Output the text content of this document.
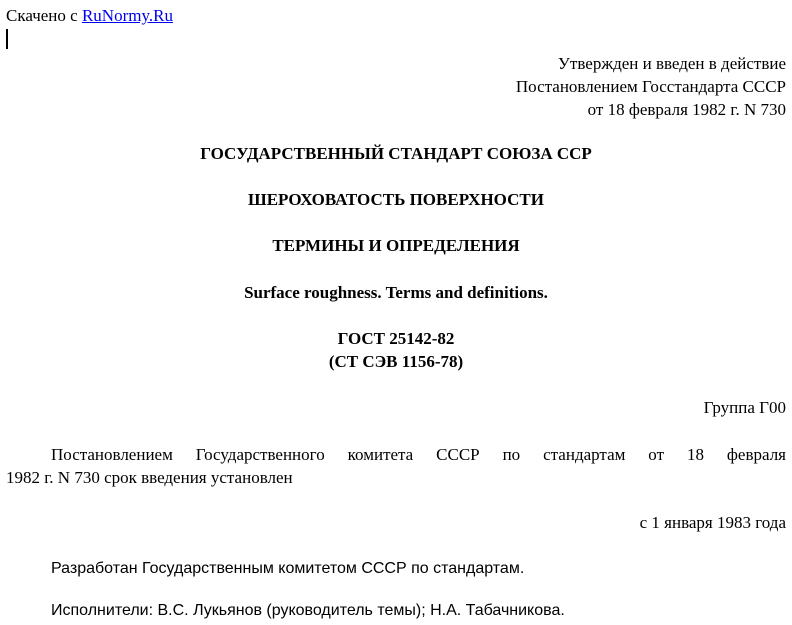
Скачено с RuNormy.Ru
Утвержден и введен в действие
Постановлением Госстандарта СССР
от 18 февраля 1982 г. N 730
ГОСУДАРСТВЕННЫЙ СТАНДАРТ СОЮЗА ССР
ШЕРОХОВАТОСТЬ ПОВЕРХНОСТИ
ТЕРМИНЫ И ОПРЕДЕЛЕНИЯ
Surface roughness. Terms and definitions.
ГОСТ 25142-82
(СТ СЭВ 1156-78)
Группа Г00
Постановлением Государственного комитета СССР по стандартам от 18 февраля
1982 г. N 730 срок введения установлен
с 1 января 1983 года
Разработан Государственным комитетом СССР по стандартам.
Исполнители: В.С. Лукьянов (руководитель темы); Н.А. Табачникова.
